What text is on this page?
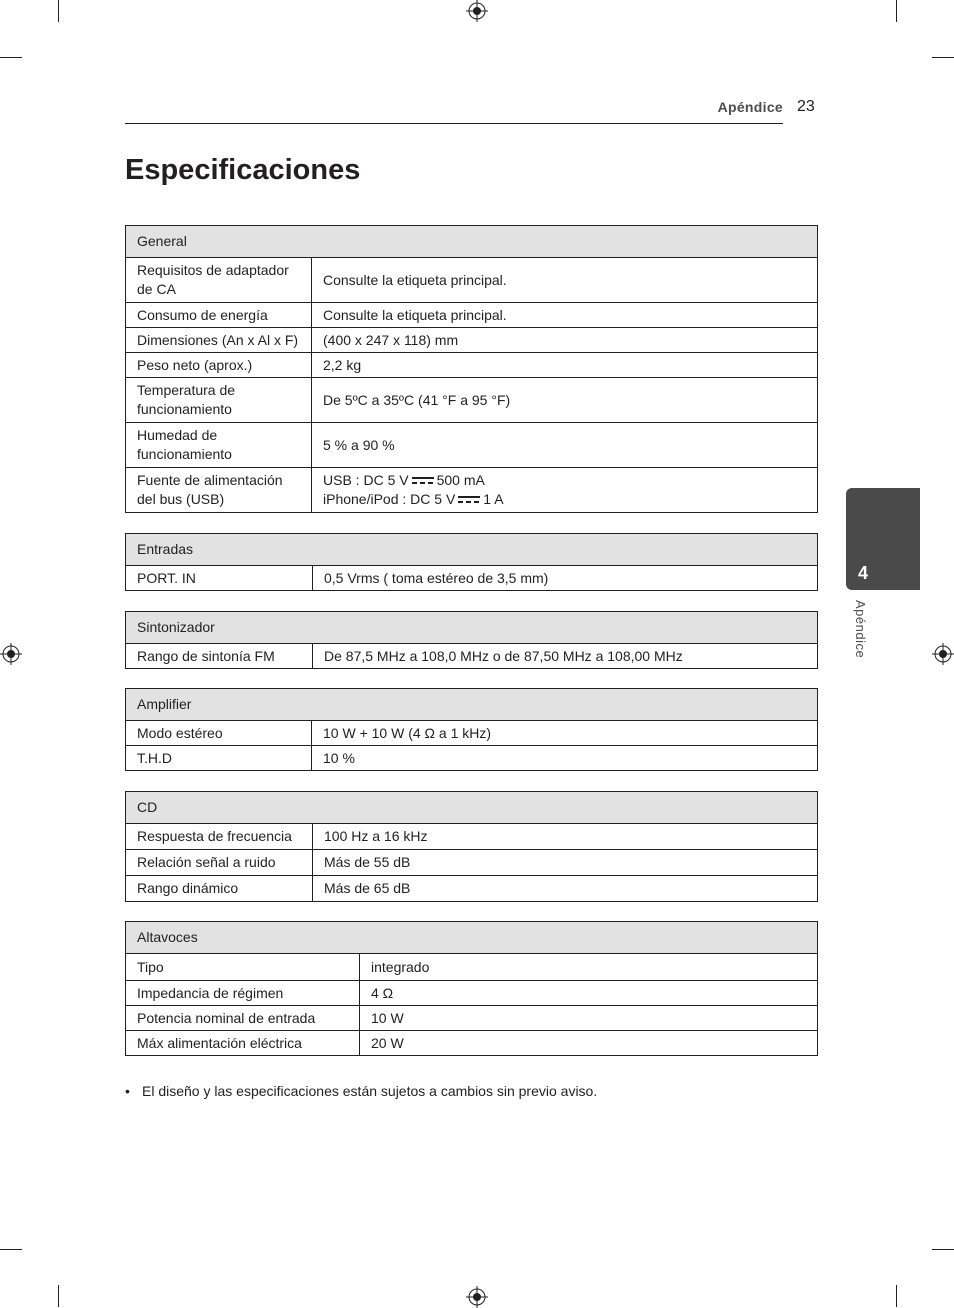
Apéndice 23
Especificaciones
4
Apéndice
General	
Requisitos de adaptador de CA	Consulte la etiqueta principal.
Consumo de energía	Consulte la etiqueta principal.
Dimensiones (An x Al x F)	(400 x 247 x 118) mm
Peso neto (aprox.)	2,2 kg
Temperatura de funcionamiento	De 5ºC a 35ºC (41 °F a 95 °F)
Humedad de funcionamiento	5 % a 90 %
Fuente de alimentación del bus (USB)	USB : DC 5 V 500 mA
iPhone/iPod : DC 5 V 1 A
Entradas
PORT. IN	0,5 Vrms ( toma estéreo de 3,5 mm)
Sintonizador
Rango de sintonía FM	De 87,5 MHz a 108,0 MHz o de 87,50 MHz a 108,00 MHz
Amplifier	
Modo estéreo	10 W + 10 W (4 Ω a 1 kHz)
T.H.D	10 %
CD	
Respuesta de frecuencia	100 Hz a 16 kHz
Relación señal a ruido	Más de 55 dB
Rango dinámico	Más de 65 dB
Altavoces	
Tipo	integrado
Impedancia de régimen	4 Ω
Potencia nominal de entrada	10 W
Máx alimentación eléctrica	20 W
• El diseño y las especificaciones están sujetos a cambios sin previo aviso.
